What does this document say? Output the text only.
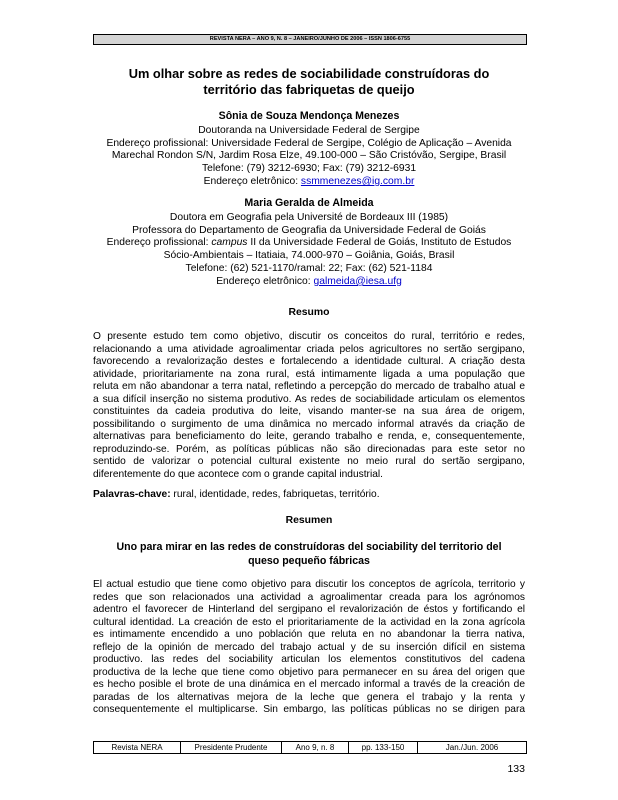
REVISTA NERA – ANO 9, N. 8 – JANEIRO/JUNHO DE 2006 – ISSN 1806-6755
Um olhar sobre as redes de sociabilidade construídoras do
território das fabriquetas de queijo
Sônia de Souza Mendonça Menezes
Doutoranda na Universidade Federal de Sergipe
Endereço profissional: Universidade Federal de Sergipe, Colégio de Aplicação – Avenida
Marechal Rondon S/N, Jardim Rosa Elze, 49.100-000 – São Cristóvão, Sergipe, Brasil
Telefone: (79) 3212-6930; Fax: (79) 3212-6931
Endereço eletrônico: ssmmenezes@ig.com.br
Maria Geralda de Almeida
Doutora em Geografia pela Université de Bordeaux III (1985)
Professora do Departamento de Geografia da Universidade Federal de Goiás
Endereço profissional: campus II da Universidade Federal de Goiás, Instituto de Estudos
Sócio-Ambientais – Itatiaia, 74.000-970 – Goiânia, Goiás, Brasil
Telefone: (62) 521-1170/ramal: 22; Fax: (62) 521-1184
Endereço eletrônico: galmeida@iesa.ufg
Resumo
O presente estudo tem como objetivo, discutir os conceitos do rural, território e redes,
relacionando a uma atividade agroalimentar criada pelos agricultores no sertão sergipano,
favorecendo a revalorização destes e fortalecendo a identidade cultural. A criação desta
atividade, prioritariamente na zona rural, está intimamente ligada a uma população que
reluta em não abandonar a terra natal, refletindo a percepção do mercado de trabalho atual e
a sua difícil inserção no sistema produtivo. As redes de sociabilidade articulam os elementos
constituintes da cadeia produtiva do leite, visando manter-se na sua área de origem,
possibilitando o surgimento de uma dinâmica no mercado informal através da criação de
alternativas para beneficiamento do leite, gerando trabalho e renda, e, consequentemente,
reproduzindo-se. Porém, as políticas públicas não são direcionadas para este setor no
sentido de valorizar o potencial cultural existente no meio rural do sertão sergipano,
diferentemente do que acontece com o grande capital industrial.
Palavras-chave: rural, identidade, redes, fabriquetas, território.
Resumen
Uno para mirar en las redes de construídoras del sociability del territorio del
queso pequeño fábricas
El actual estudio que tiene como objetivo para discutir los conceptos de agrícola, territorio y
redes que son relacionados una actividad a agroalimentar creada para los agrónomos
adentro el favorecer de Hinterland del sergipano el revalorización de éstos y fortificando el
cultural identidad. La creación de esto el prioritariamente de la actividad en la zona agrícola
es intimamente encendido a uno población que reluta en no abandonar la tierra nativa,
reflejo de la opinión de mercado del trabajo actual y de su inserción difícil en sistema
productivo. las redes del sociability articulan los elementos constitutivos del cadena
productiva de la leche que tiene como objetivo para permanecer en su área del origen que
es hecho posible el brote de una dinámica en el mercado informal a través de la creación de
paradas de los alternativas mejora de la leche que genera el trabajo y la renta y
consequentemente el multiplicarse. Sin embargo, las políticas públicas no se dirigen para
Revista NERA	Presidente Prudente	Ano 9, n. 8	pp. 133-150	Jan./Jun. 2006
133
